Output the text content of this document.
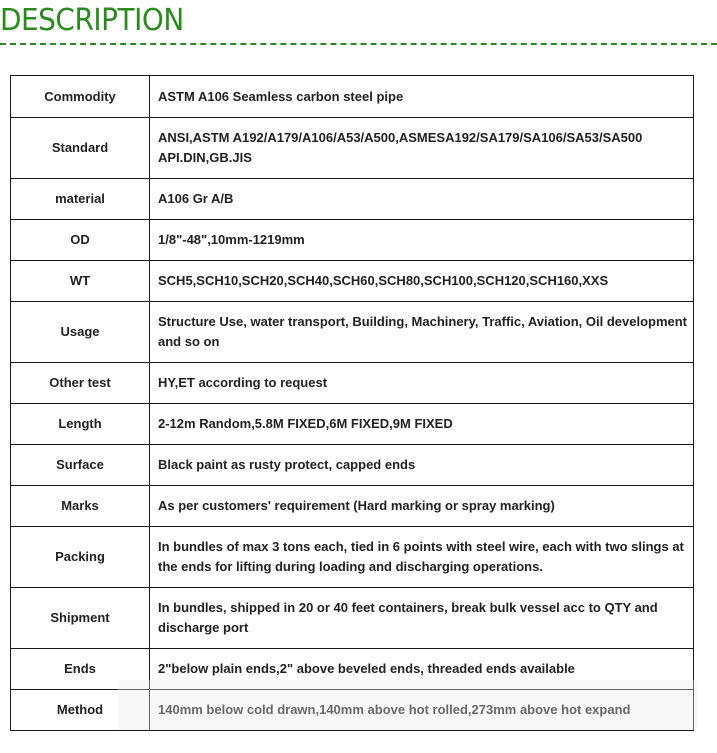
DESCRIPTION
Commodity	ASTM A106 Seamless carbon steel pipe
Standard	ANSI,ASTM A192/A179/A106/A53/A500,ASMESA192/SA179/SA106/SA53/SA500 API.DIN,GB.JIS
material	A106 Gr A/B
OD	1/8"-48",10mm-1219mm
WT	SCH5,SCH10,SCH20,SCH40,SCH60,SCH80,SCH100,SCH120,SCH160,XXS
Usage	Structure Use, water transport, Building, Machinery, Traffic, Aviation, Oil development and so on
Other test	HY,ET according to request
Length	2-12m Random,5.8M FIXED,6M FIXED,9M FIXED
Surface	Black paint as rusty protect, capped ends
Marks	As per customers' requirement (Hard marking or spray marking)
Packing	In bundles of max 3 tons each, tied in 6 points with steel wire, each with two slings at the ends for lifting during loading and discharging operations.
Shipment	In bundles, shipped in 20 or 40 feet containers, break bulk vessel acc to QTY and discharge port
Ends	2"below plain ends,2" above beveled ends, threaded ends available
Method	140mm below cold drawn,140mm above hot rolled,273mm above hot expand
